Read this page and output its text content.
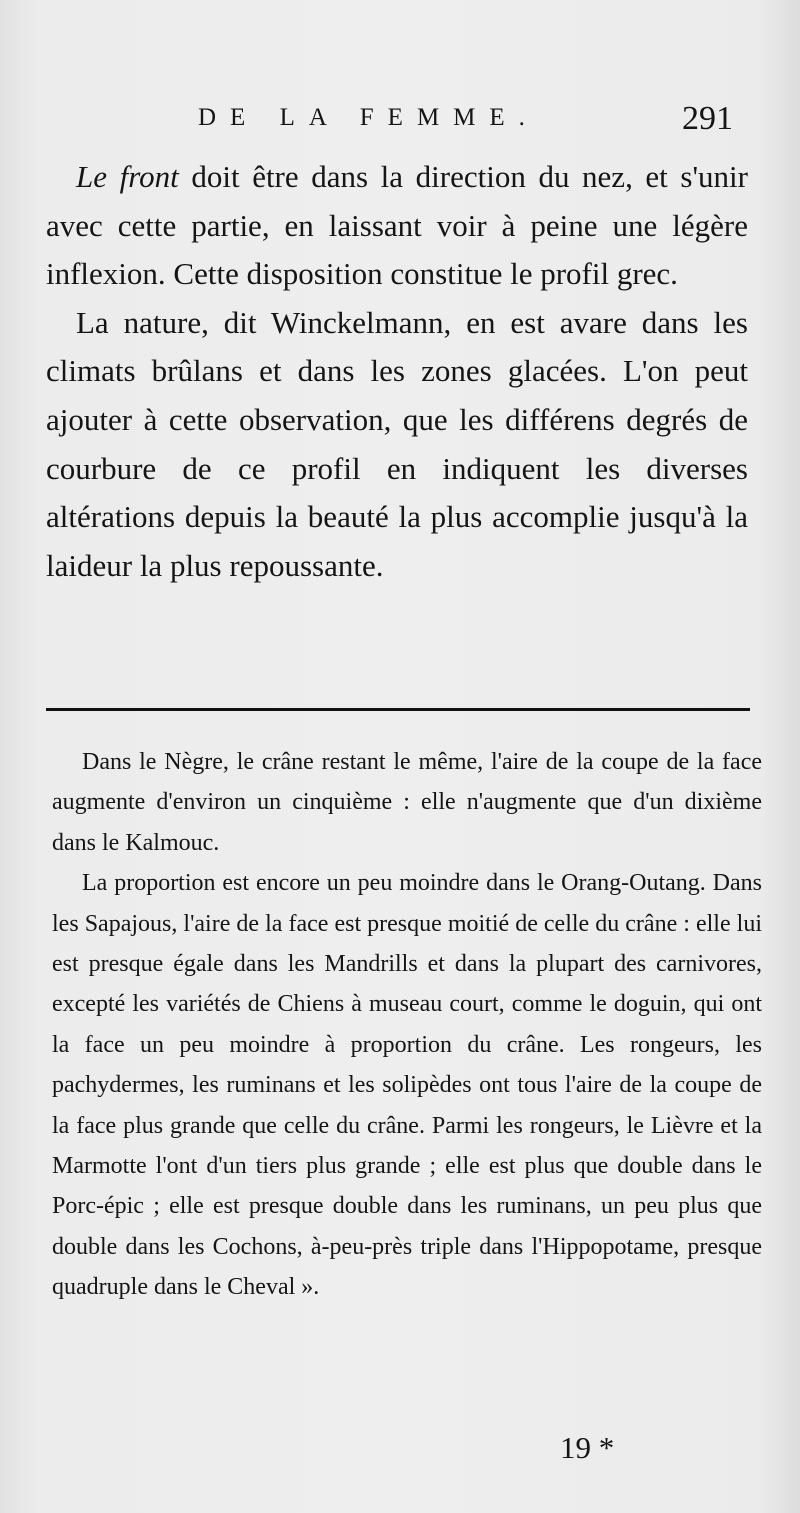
DE LA FEMME.	291

Le front doit être dans la direction du nez, et s'unir avec cette partie, en laissant voir à peine une légère inflexion. Cette disposition constitue le profil grec.

La nature, dit Winckelmann, en est avare dans les climats brûlans et dans les zones glacées. L'on peut ajouter à cette observation, que les différens degrés de courbure de ce profil en indiquent les diverses altérations depuis la beauté la plus accomplie jusqu'à la laideur la plus repoussante.

Dans le Nègre, le crâne restant le même, l'aire de la coupe de la face augmente d'environ un cinquième : elle n'augmente que d'un dixième dans le Kalmouc.

La proportion est encore un peu moindre dans le Orang-Outang. Dans les Sapajous, l'aire de la face est presque moitié de celle du crâne : elle lui est presque égale dans les Mandrills et dans la plupart des carnivores, excepté les variétés de Chiens à museau court, comme le doguin, qui ont la face un peu moindre à proportion du crâne. Les rongeurs, les pachydermes, les ruminans et les solipèdes ont tous l'aire de la coupe de la face plus grande que celle du crâne. Parmi les rongeurs, le Lièvre et la Marmotte l'ont d'un tiers plus grande ; elle est plus que double dans le Porc-épic ; elle est presque double dans les ruminans, un peu plus que double dans les Cochons, à-peu-près triple dans l'Hippopotame, presque quadruple dans le Cheval ».

19 *
